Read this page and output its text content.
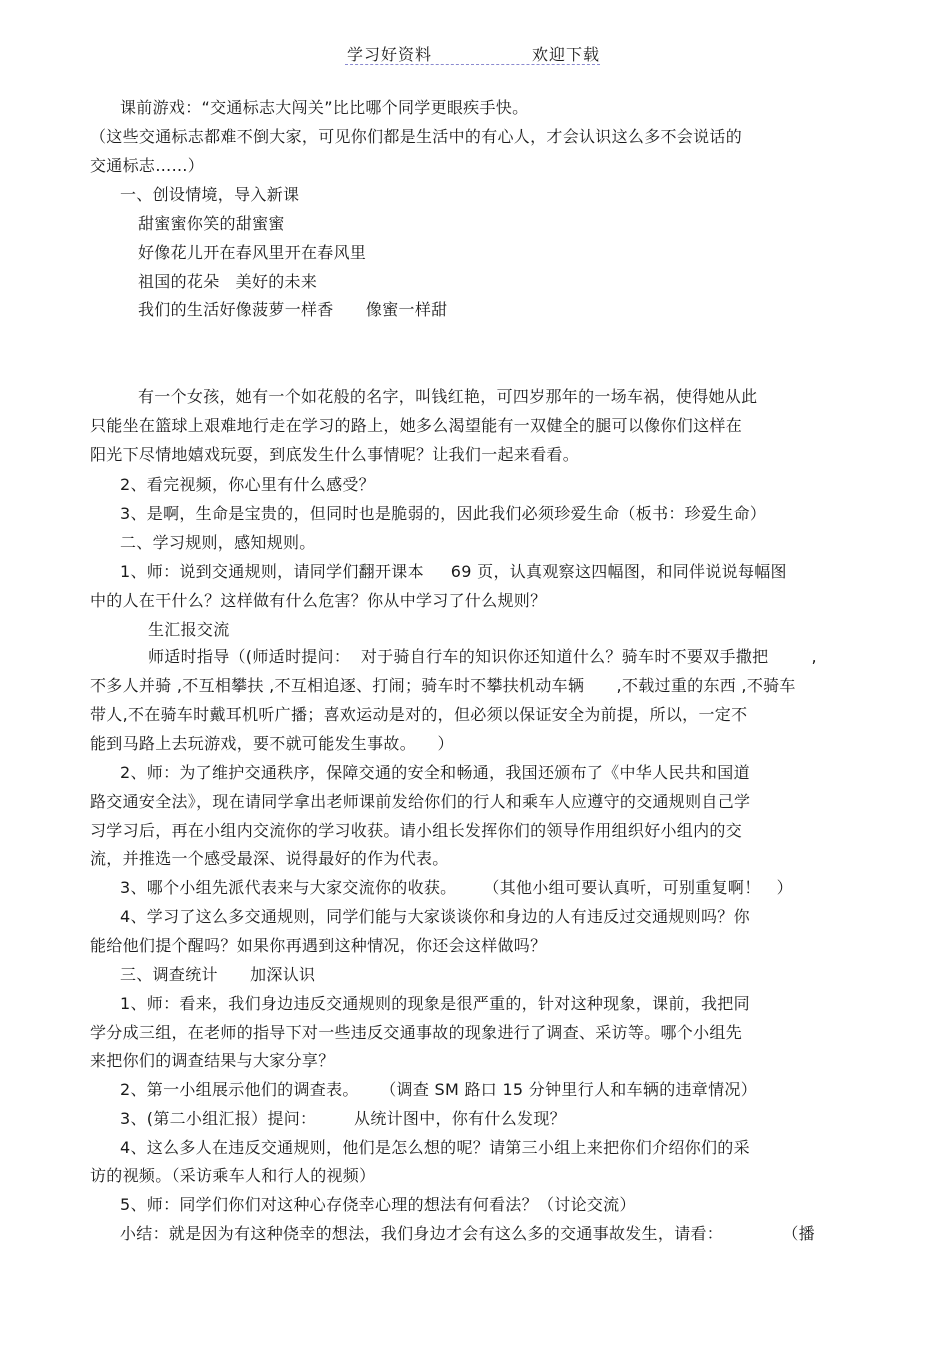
学习好资料	欢迎下载
课前游戏：“交通标志大闯关”比比哪个同学更眼疾手快。
（这些交通标志都难不倒大家，可见你们都是生活中的有心人，才会认识这么多不会说话的
交通标志……）
一、创设情境，导入新课
甜蜜蜜你笑的甜蜜蜜
好像花儿开在春风里开在春风里
祖国的花朵   美好的未来
我们的生活好像菠萝一样香      像蜜一样甜
有一个女孩，她有一个如花般的名字，叫钱红艳，可四岁那年的一场车祸，使得她从此
只能坐在篮球上艰难地行走在学习的路上，她多么渴望能有一双健全的腿可以像你们这样在
阳光下尽情地嬉戏玩耍，到底发生什么事情呢？让我们一起来看看。
2、看完视频，你心里有什么感受？
3、是啊，生命是宝贵的，但同时也是脆弱的，因此我们必须珍爱生命（板书：珍爱生命）
二、学习规则，感知规则。
1、师：说到交通规则，请同学们翻开课本     69 页，认真观察这四幅图，和同伴说说每幅图
中的人在干什么？这样做有什么危害？你从中学习了什么规则？
生汇报交流
师适时指导（(师适时提问：  对于骑自行车的知识你还知道什么？骑车时不要双手撒把        ,
不多人并骑 ,不互相攀扶 ,不互相追逐、打闹；骑车时不攀扶机动车辆      ,不载过重的东西 ,不骑车
带人,不在骑车时戴耳机听广播；喜欢运动是对的，但必须以保证安全为前提，所以，一定不
能到马路上去玩游戏，要不就可能发生事故。    ）
2、师：为了维护交通秩序，保障交通的安全和畅通，我国还颁布了《中华人民共和国道
路交通安全法》，现在请同学拿出老师课前发给你们的行人和乘车人应遵守的交通规则自己学
习学习后，再在小组内交流你的学习收获。请小组长发挥你们的领导作用组织好小组内的交
流，并推选一个感受最深、说得最好的作为代表。
3、哪个小组先派代表来与大家交流你的收获。     （其他小组可要认真听，可别重复啊！   ）
4、学习了这么多交通规则，同学们能与大家谈谈你和身边的人有违反过交通规则吗？你
能给他们提个醒吗？如果你再遇到这种情况，你还会这样做吗？
三、调查统计      加深认识
1、师：看来，我们身边违反交通规则的现象是很严重的，针对这种现象，课前，我把同
学分成三组，在老师的指导下对一些违反交通事故的现象进行了调查、采访等。哪个小组先
来把你们的调查结果与大家分享？
2、第一小组展示他们的调查表。    （调查 SM 路口 15 分钟里行人和车辆的违章情况）
3、(第二小组汇报）提问：       从统计图中，你有什么发现？
4、这么多人在违反交通规则，他们是怎么想的呢？请第三小组上来把你们介绍你们的采
访的视频。（采访乘车人和行人的视频）
5、师：同学们你们对这种心存侥幸心理的想法有何看法？（讨论交流）
小结：就是因为有这种侥幸的想法，我们身边才会有这么多的交通事故发生，请看：           （播
